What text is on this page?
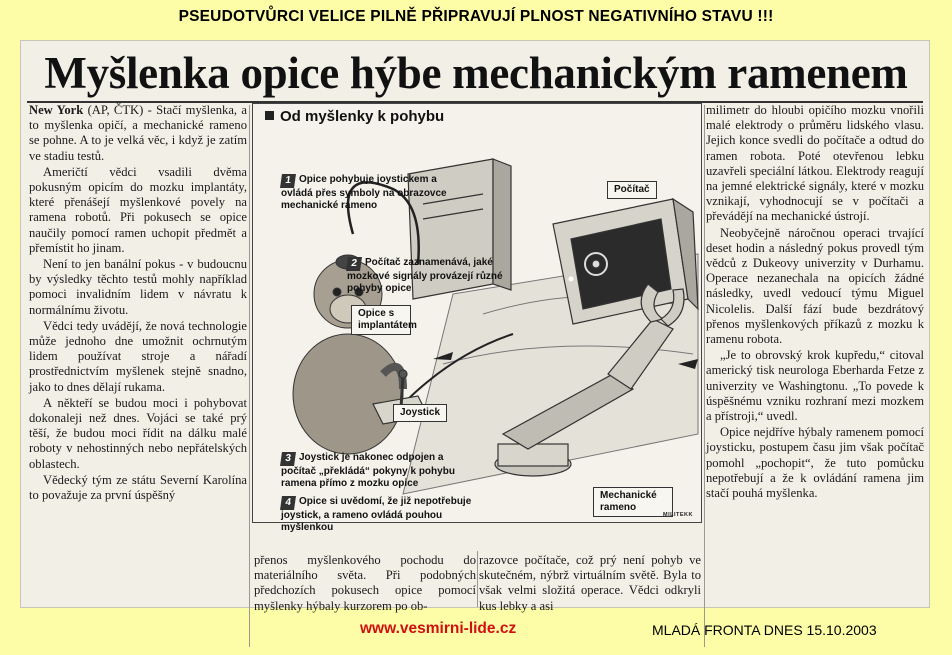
PSEUDOTVŮRCI VELICE PILNĚ PŘIPRAVUJÍ PLNOST NEGATIVNÍHO STAVU !!!
Myšlenka opice hýbe mechanickým ramenem

New York (AP, ČTK) - Stačí myšlenka, a to myšlenka opičí, a mechanické rameno se pohne. A to je velká věc, i když je zatím ve stadiu testů.

Američtí vědci vsadili dvěma pokusným opicím do mozku implantáty, které přenášejí myšlenkové povely na ramena robotů. Při pokusech se opice naučily pomocí ramen uchopit předmět a přemístit ho jinam.

Není to jen banální pokus - v budoucnu by výsledky těchto testů mohly například pomoci invalidním lidem v návratu k normálnímu životu.

Vědci tedy uvádějí, že nová technologie může jednoho dne umožnit ochrnutým lidem používat stroje a nářadí prostřednictvím myšlenek stejně snadno, jako to dnes dělají rukama.

A někteří se budou moci i pohybovat dokonaleji než dnes. Vojáci se také prý těší, že budou moci řídit na dálku malé roboty v nehostinných nebo nepřátelských oblastech.

Vědecký tým ze státu Severní Karolína to považuje za první úspěšný

Od myšlenky k pohybu
1 Opice pohybuje joystickem a ovládá přes symboly na obrazovce mechanické rameno
2 Počítač zaznamenává, jaké mozkové signály provázejí různé pohyby opice
3 Joystick je nakonec odpojen a počítač „překládá“ pokyny k pohybu ramena přímo z mozku opice
4 Opice si uvědomí, že již nepotřebuje joystick, a rameno ovládá pouhou myšlenkou
Počítač
Opice s implantátem
Joystick
Mechanické rameno
MILITEKK

přenos myšlenkového pochodu do materiálního světa. Při podobných předchozích pokusech opice pomocí myšlenky hýbaly kurzorem po ob-

razovce počítače, což prý není pohyb ve skutečném, nýbrž virtuálním světě. Byla to však velmi složitá operace. Vědci odkryli kus lebky a asi

milimetr do hloubi opičího mozku vnořili malé elektrody o průměru lidského vlasu. Jejich konce svedli do počítače a odtud do ramen robota. Poté otevřenou lebku uzavřeli speciální látkou. Elektrody reagují na jemné elektrické signály, které v mozku vznikají, vyhodnocují se v počítači a převádějí na mechanické ústrojí.

Neobyčejně náročnou operaci trvající deset hodin a následný pokus provedl tým vědců z Dukeovy univerzity v Durhamu. Operace nezanechala na opicích žádné následky, uvedl vedoucí týmu Miguel Nicolelis. Další fází bude bezdrátový přenos myšlenkových příkazů z mozku k ramenu robota.

„Je to obrovský krok kupředu,“ citoval americký tisk neurologa Eberharda Fetze z univerzity ve Washingtonu. „To povede k úspěšnému vzniku rozhraní mezi mozkem a přístroji,“ uvedl.

Opice nejdříve hýbaly ramenem pomocí joysticku, postupem času jim však počítač pomohl „pochopit“, že tuto pomůcku nepotřebují a že k ovládání ramena jim stačí pouhá myšlenka.

www.vesmirni-lide.cz	MLADÁ FRONTA DNES 15.10.2003
